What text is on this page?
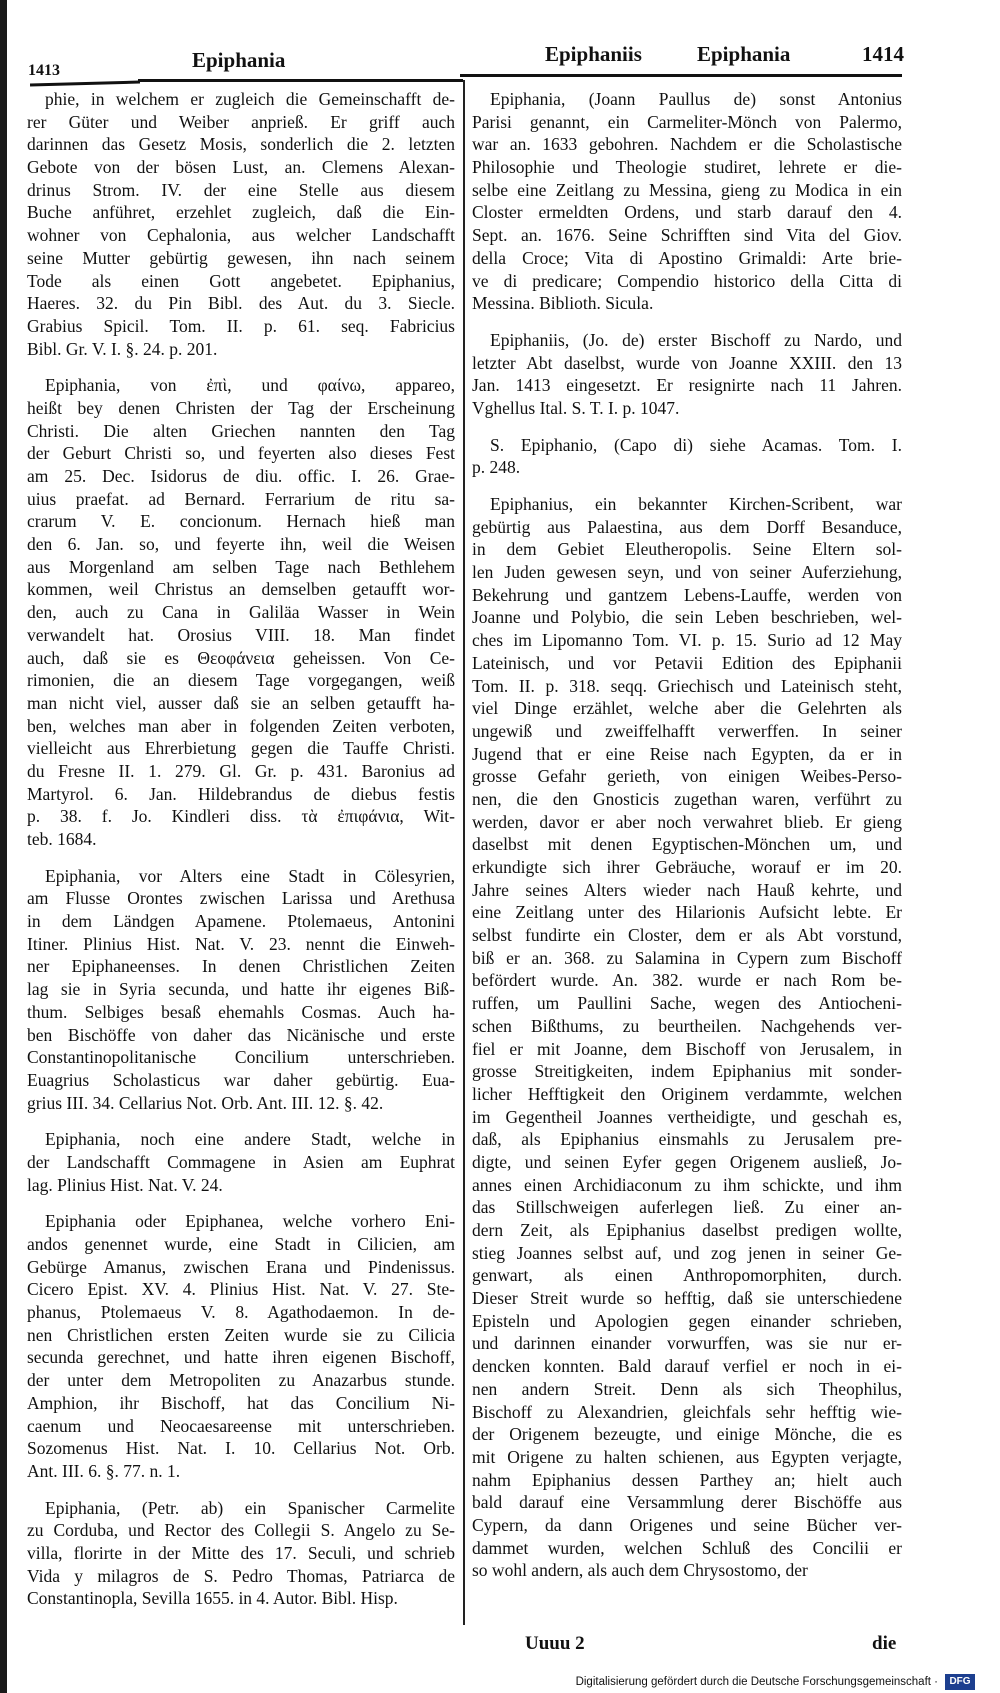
1413	Epiphania	Epiphaniis	Epiphania	1414
phie, in welchem er zugleich die Gemeinschafft de-
rer Güter und Weiber anprieß. Er griff auch
darinnen das Gesetz Mosis, sonderlich die 2. letzten
Gebote von der bösen Lust, an. Clemens Alexan-
drinus Strom. IV. der eine Stelle aus diesem
Buche anführet, erzehlet zugleich, daß die Ein-
wohner von Cephalonia, aus welcher Landschafft
seine Mutter gebürtig gewesen, ihn nach seinem
Tode als einen Gott angebetet. Epiphanius,
Haeres. 32. du Pin Bibl. des Aut. du 3. Siecle.
Grabius Spicil. Tom. II. p. 61. seq. Fabricius
Bibl. Gr. V. I. §. 24. p. 201.
Epiphania, von ἐπὶ, und φαίνω, appareo,
heißt bey denen Christen der Tag der Erscheinung
Christi. Die alten Griechen nannten den Tag
der Geburt Christi so, und feyerten also dieses Fest
am 25. Dec. Isidorus de diu. offic. I. 26. Grae-
uius praefat. ad Bernard. Ferrarium de ritu sa-
crarum V. E. concionum. Hernach hieß man
den 6. Jan. so, und feyerte ihn, weil die Weisen
aus Morgenland am selben Tage nach Bethlehem
kommen, weil Christus an demselben getaufft wor-
den, auch zu Cana in Galiläa Wasser in Wein
verwandelt hat. Orosius VIII. 18. Man findet
auch, daß sie es Θεοφάνεια geheissen. Von Ce-
rimonien, die an diesem Tage vorgegangen, weiß
man nicht viel, ausser daß sie an selben getaufft ha-
ben, welches man aber in folgenden Zeiten verboten,
vielleicht aus Ehrerbietung gegen die Tauffe Christi.
du Fresne II. 1. 279. Gl. Gr. p. 431. Baronius ad
Martyrol. 6. Jan. Hildebrandus de diebus festis
p. 38. f. Jo. Kindleri diss. τὰ ἐπιφάνια, Wit-
teb. 1684.
Epiphania, vor Alters eine Stadt in Cölesyrien,
am Flusse Orontes zwischen Larissa und Arethusa
in dem Ländgen Apamene. Ptolemaeus, Antonini
Itiner. Plinius Hist. Nat. V. 23. nennt die Einweh-
ner Epiphaneenses. In denen Christlichen Zeiten
lag sie in Syria secunda, und hatte ihr eigenes Biß-
thum. Selbiges besaß ehemahls Cosmas. Auch ha-
ben Bischöffe von daher das Nicänische und erste
Constantinopolitanische Concilium unterschrieben.
Euagrius Scholasticus war daher gebürtig. Eua-
grius III. 34. Cellarius Not. Orb. Ant. III. 12. §. 42.
Epiphania, noch eine andere Stadt, welche in
der Landschafft Commagene in Asien am Euphrat
lag. Plinius Hist. Nat. V. 24.
Epiphania oder Epiphanea, welche vorhero Eni-
andos genennet wurde, eine Stadt in Cilicien, am
Gebürge Amanus, zwischen Erana und Pindenissus.
Cicero Epist. XV. 4. Plinius Hist. Nat. V. 27. Ste-
phanus, Ptolemaeus V. 8. Agathodaemon. In de-
nen Christlichen ersten Zeiten wurde sie zu Cilicia
secunda gerechnet, und hatte ihren eigenen Bischoff,
der unter dem Metropoliten zu Anazarbus stunde.
Amphion, ihr Bischoff, hat das Concilium Ni-
caenum und Neocaesareense mit unterschrieben.
Sozomenus Hist. Nat. I. 10. Cellarius Not. Orb.
Ant. III. 6. §. 77. n. 1.
Epiphania, (Petr. ab) ein Spanischer Carmelite
zu Corduba, und Rector des Collegii S. Angelo zu Se-
villa, florirte in der Mitte des 17. Seculi, und schrieb
Vida y milagros de S. Pedro Thomas, Patriarca de
Constantinopla, Sevilla 1655. in 4. Autor. Bibl. Hisp.
Epiphania, (Joann Paullus de) sonst Antonius
Parisi genannt, ein Carmeliter-Mönch von Palermo,
war an. 1633 gebohren. Nachdem er die Scholastische
Philosophie und Theologie studiret, lehrete er die-
selbe eine Zeitlang zu Messina, gieng zu Modica in ein
Closter ermeldten Ordens, und starb darauf den 4.
Sept. an. 1676. Seine Schrifften sind Vita del Giov.
della Croce; Vita di Apostino Grimaldi: Arte brie-
ve di predicare; Compendio historico della Citta di
Messina. Biblioth. Sicula.
Epiphaniis, (Jo. de) erster Bischoff zu Nardo, und
letzter Abt daselbst, wurde von Joanne XXIII. den 13
Jan. 1413 eingesetzt. Er resignirte nach 11 Jahren.
Vghellus Ital. S. T. I. p. 1047.
S. Epiphanio, (Capo di) siehe Acamas. Tom. I.
p. 248.
Epiphanius, ein bekannter Kirchen-Scribent, war
gebürtig aus Palaestina, aus dem Dorff Besanduce,
in dem Gebiet Eleutheropolis. Seine Eltern sol-
len Juden gewesen seyn, und von seiner Auferziehung,
Bekehrung und gantzem Lebens-Lauffe, werden von
Joanne und Polybio, die sein Leben beschrieben, wel-
ches im Lipomanno Tom. VI. p. 15. Surio ad 12 May
Lateinisch, und vor Petavii Edition des Epiphanii
Tom. II. p. 318. seqq. Griechisch und Lateinisch steht,
viel Dinge erzählet, welche aber die Gelehrten als
ungewiß und zweiffelhafft verwerffen. In seiner
Jugend that er eine Reise nach Egypten, da er in
grosse Gefahr gerieth, von einigen Weibes-Perso-
nen, die den Gnosticis zugethan waren, verführt zu
werden, davor er aber noch verwahret blieb. Er gieng
daselbst mit denen Egyptischen-Mönchen um, und
erkundigte sich ihrer Gebräuche, worauf er im 20.
Jahre seines Alters wieder nach Hauß kehrte, und
eine Zeitlang unter des Hilarionis Aufsicht lebte. Er
selbst fundirte ein Closter, dem er als Abt vorstund,
biß er an. 368. zu Salamina in Cypern zum Bischoff
befördert wurde. An. 382. wurde er nach Rom be-
ruffen, um Paullini Sache, wegen des Antiocheni-
schen Bißthums, zu beurtheilen. Nachgehends ver-
fiel er mit Joanne, dem Bischoff von Jerusalem, in
grosse Streitigkeiten, indem Epiphanius mit sonder-
licher Hefftigkeit den Originem verdammte, welchen
im Gegentheil Joannes vertheidigte, und geschah es,
daß, als Epiphanius einsmahls zu Jerusalem pre-
digte, und seinen Eyfer gegen Origenem ausließ, Jo-
annes einen Archidiaconum zu ihm schickte, und ihm
das Stillschweigen auferlegen ließ. Zu einer an-
dern Zeit, als Epiphanius daselbst predigen wollte,
stieg Joannes selbst auf, und zog jenen in seiner Ge-
genwart, als einen Anthropomorphiten, durch.
Dieser Streit wurde so hefftig, daß sie unterschiedene
Episteln und Apologien gegen einander schrieben,
und darinnen einander vorwurffen, was sie nur er-
dencken konnten. Bald darauf verfiel er noch in ei-
nen andern Streit. Denn als sich Theophilus,
Bischoff zu Alexandrien, gleichfals sehr hefftig wie-
der Origenem bezeugte, und einige Mönche, die es
mit Origene zu halten schienen, aus Egypten verjagte,
nahm Epiphanius dessen Parthey an; hielt auch
bald darauf eine Versammlung derer Bischöffe aus
Cypern, da dann Origenes und seine Bücher ver-
dammet wurden, welchen Schluß des Concilii er
so wohl andern, als auch dem Chrysostomo, der
Uuuu 2	die
Digitalisierung gefördert durch die Deutsche Forschungsgemeinschaft ·	DFG
